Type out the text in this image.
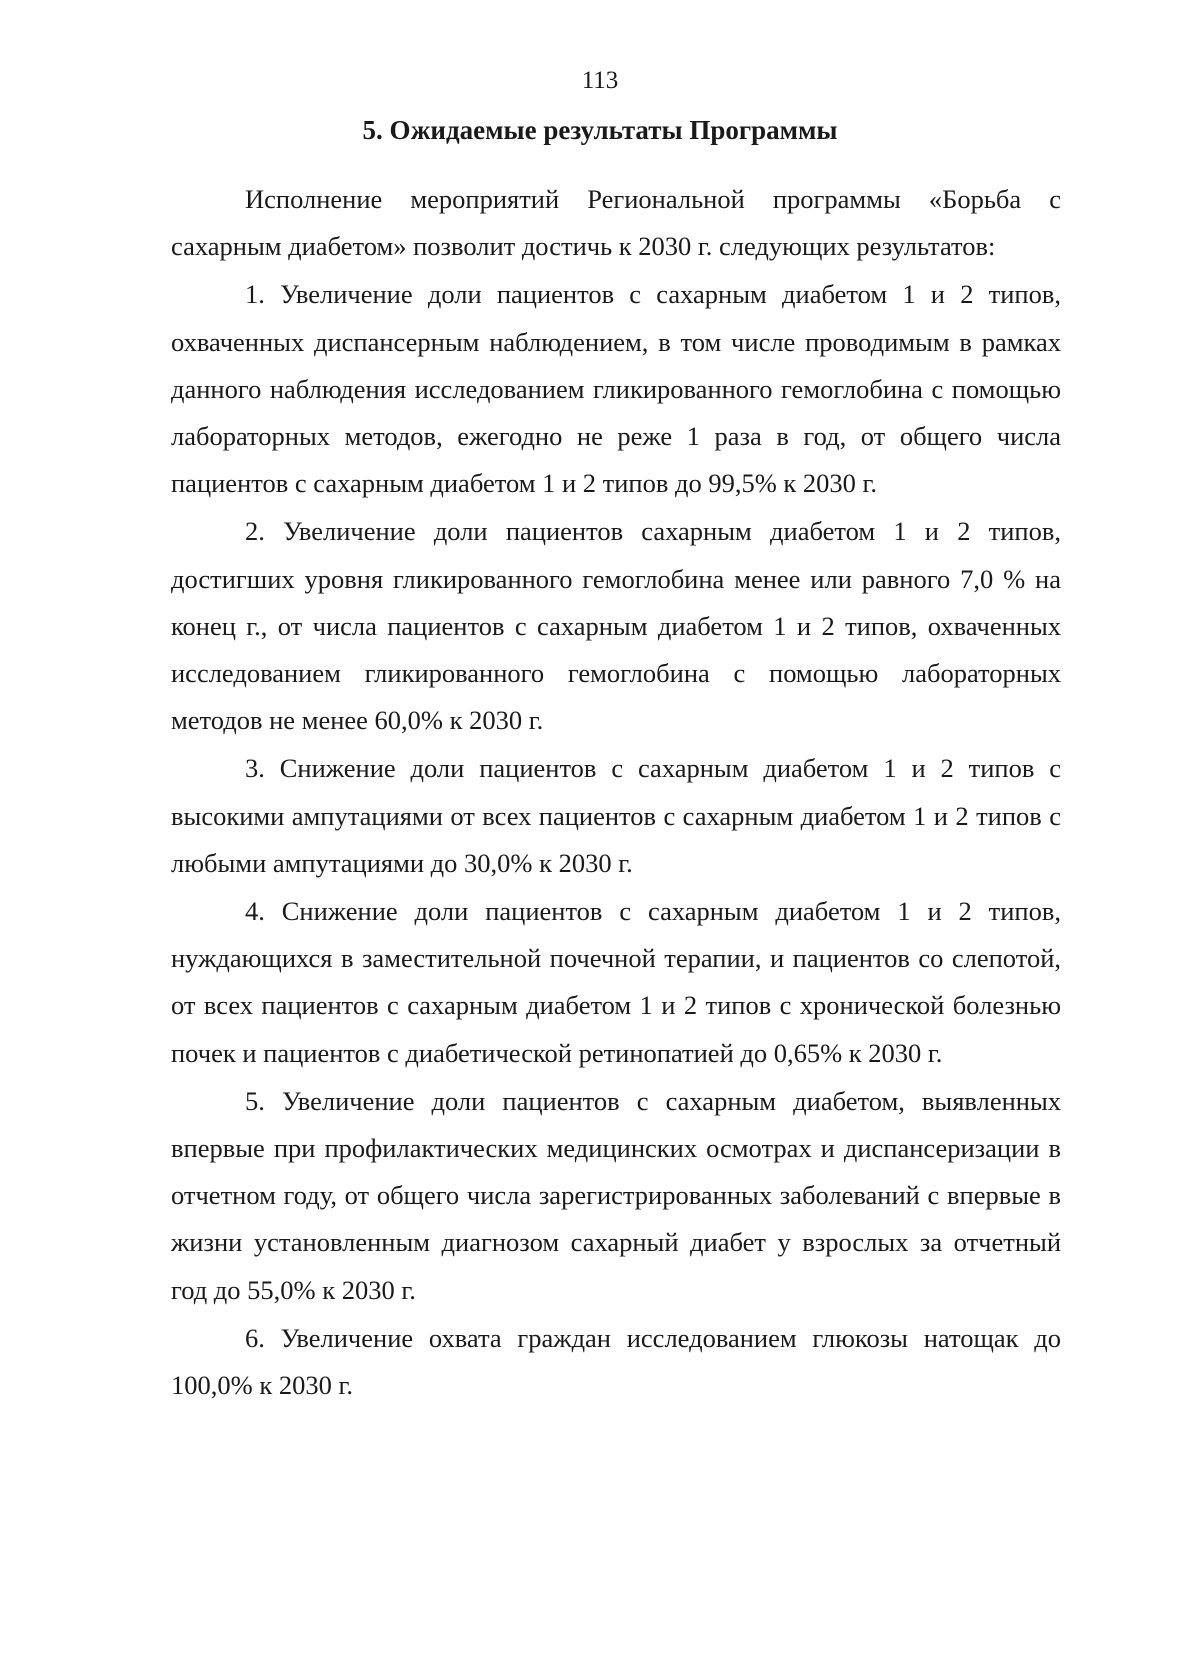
113
5. Ожидаемые результаты Программы

Исполнение мероприятий Региональной программы «Борьба с сахарным диабетом» позволит достичь к 2030 г. следующих результатов:

1. Увеличение доли пациентов с сахарным диабетом 1 и 2 типов, охваченных диспансерным наблюдением, в том числе проводимым в рамках данного наблюдения исследованием гликированного гемоглобина с помощью лабораторных методов, ежегодно не реже 1 раза в год, от общего числа пациентов с сахарным диабетом 1 и 2 типов до 99,5% к 2030 г.

2. Увеличение доли пациентов сахарным диабетом 1 и 2 типов, достигших уровня гликированного гемоглобина менее или равного 7,0 % на конец г., от числа пациентов с сахарным диабетом 1 и 2 типов, охваченных исследованием гликированного гемоглобина с помощью лабораторных методов не менее 60,0% к 2030 г.

3. Снижение доли пациентов с сахарным диабетом 1 и 2 типов с высокими ампутациями от всех пациентов с сахарным диабетом 1 и 2 типов с любыми ампутациями до 30,0% к 2030 г.

4. Снижение доли пациентов с сахарным диабетом 1 и 2 типов, нуждающихся в заместительной почечной терапии, и пациентов со слепотой, от всех пациентов с сахарным диабетом 1 и 2 типов с хронической болезнью почек и пациентов с диабетической ретинопатией до 0,65% к 2030 г.

5. Увеличение доли пациентов с сахарным диабетом, выявленных впервые при профилактических медицинских осмотрах и диспансеризации в отчетном году, от общего числа зарегистрированных заболеваний с впервые в жизни установленным диагнозом сахарный диабет у взрослых за отчетный год до 55,0% к 2030 г.

6. Увеличение охвата граждан исследованием глюкозы натощак до 100,0% к 2030 г.
